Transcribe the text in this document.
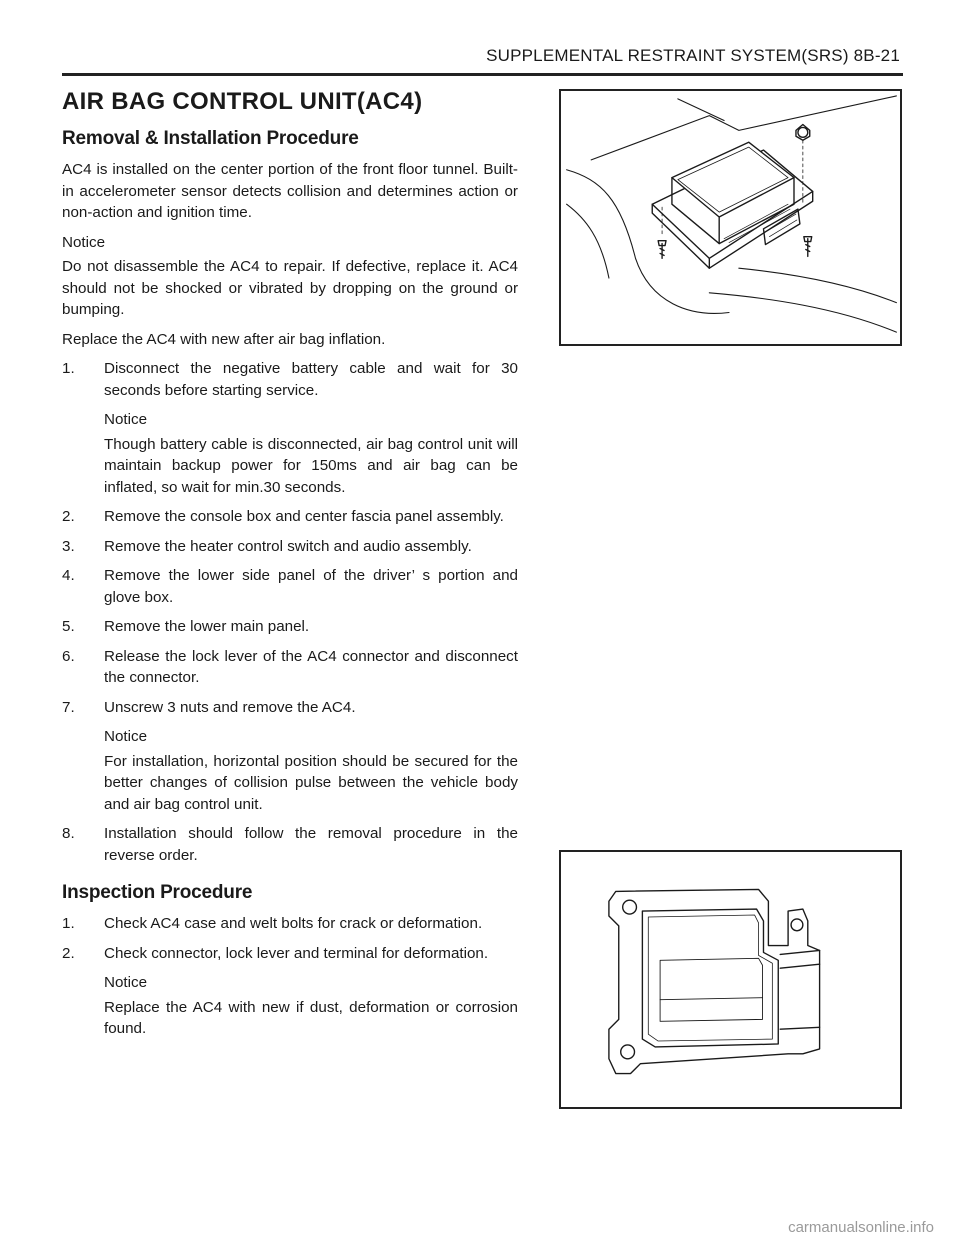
SUPPLEMENTAL RESTRAINT SYSTEM(SRS) 8B-21
AIR BAG CONTROL UNIT(AC4)
Removal & Installation Procedure

AC4 is installed on the center portion of the front floor tunnel. Built-in accelerometer sensor detects collision and determines action or non-action and ignition time.

Notice

Do not disassemble the AC4 to repair. If defective, replace it. AC4 should not be shocked or vibrated by dropping on the ground or bumping.

Replace the AC4 with new after air bag inflation.

1. Disconnect the negative battery cable and wait for 30 seconds before starting service.
Notice
Though battery cable is disconnected, air bag control unit will maintain backup power for 150ms and air bag can be inflated, so wait for min.30 seconds.
2. Remove the console box and center fascia panel assembly.
3. Remove the heater control switch and audio assembly.
4. Remove the lower side panel of the driver’ s portion and glove box.
5. Remove the lower main panel.
6. Release the lock lever of the AC4 connector and disconnect the connector.
7. Unscrew 3 nuts and remove the AC4.
Notice
For installation, horizontal position should be secured for the better changes of collision pulse between the vehicle body and air bag control unit.
8. Installation should follow the removal procedure in the reverse order.
Inspection Procedure
1. Check AC4 case and welt bolts for crack or deformation.
2. Check connector, lock lever and terminal for deformation.
Notice
Replace the AC4 with new if dust, deformation or corrosion found.
carmanualsonline.info
